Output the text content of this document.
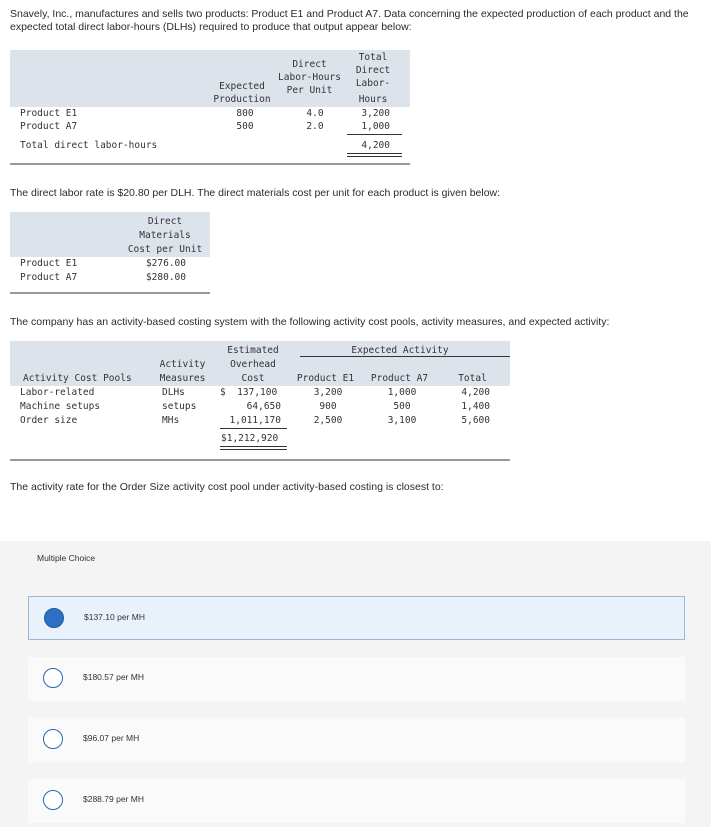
Snavely, Inc., manufactures and sells two products: Product E1 and Product A7. Data concerning the expected production of each product and the expected total direct labor-hours (DLHs) required to produce that output appear below:
Expected
Production
Direct
Labor-Hours
Per Unit
Total
Direct
Labor-
Hours
Product E1	800	4.0	3,200
Product A7	500	2.0	1,000
Total direct labor-hours	4,200
The direct labor rate is $20.80 per DLH. The direct materials cost per unit for each product is given below:
Direct
Materials
Cost per Unit
Product E1	$276.00
Product A7	$280.00
The company has an activity-based costing system with the following activity cost pools, activity measures, and expected activity:
Activity
Measures
Estimated
Overhead
Cost
Expected Activity
Activity Cost Pools	Product E1	Product A7	Total
Labor-related	DLHs	$  137,100	3,200	1,000	4,200
Machine setups	setups	64,650	900	500	1,400
Order size	MHs	1,011,170	2,500	3,100	5,600
$1,212,920
The activity rate for the Order Size activity cost pool under activity-based costing is closest to:
Multiple Choice
$137.10 per MH
$180.57 per MH
$96.07 per MH
$288.79 per MH
